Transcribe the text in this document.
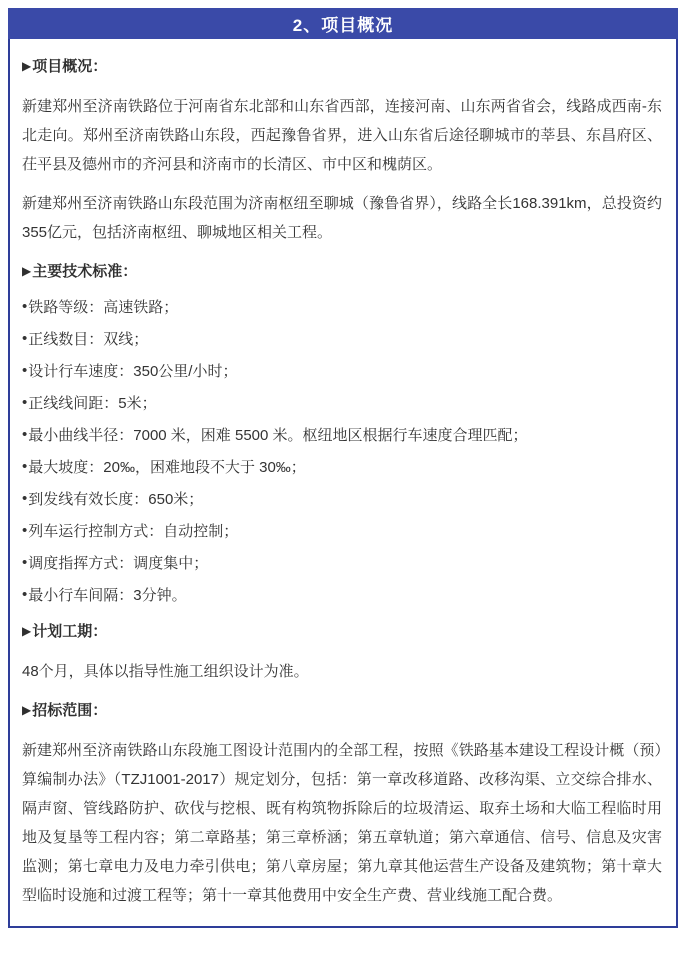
2、项目概况
▶项目概况：

新建郑州至济南铁路位于河南省东北部和山东省西部，连接河南、山东两省省会，线路成西南-东北走向。郑州至济南铁路山东段，西起豫鲁省界，进入山东省后途径聊城市的莘县、东昌府区、茌平县及德州市的齐河县和济南市的长清区、市中区和槐荫区。

新建郑州至济南铁路山东段范围为济南枢纽至聊城（豫鲁省界），线路全长168.391km，总投资约355亿元，包括济南枢纽、聊城地区相关工程。

▶主要技术标准：
•铁路等级：高速铁路；
•正线数目：双线；
•设计行车速度：350公里/小时；
•正线线间距：5米；
•最小曲线半径：7000 米，困难 5500 米。枢纽地区根据行车速度合理匹配；
•最大坡度：20‰，困难地段不大于 30‰；
•到发线有效长度：650米；
•列车运行控制方式：自动控制；
•调度指挥方式：调度集中；
•最小行车间隔：3分钟。
▶计划工期：

48个月，具体以指导性施工组织设计为准。

▶招标范围：

新建郑州至济南铁路山东段施工图设计范围内的全部工程，按照《铁路基本建设工程设计概（预）算编制办法》（TZJ1001-2017）规定划分，包括：第一章改移道路、改移沟渠、立交综合排水、隔声窗、管线路防护、砍伐与挖根、既有构筑物拆除后的垃圾清运、取弃土场和大临工程临时用地及复垦等工程内容；第二章路基；第三章桥涵；第五章轨道；第六章通信、信号、信息及灾害监测；第七章电力及电力牵引供电；第八章房屋；第九章其他运营生产设备及建筑物；第十章大型临时设施和过渡工程等；第十一章其他费用中安全生产费、营业线施工配合费。
